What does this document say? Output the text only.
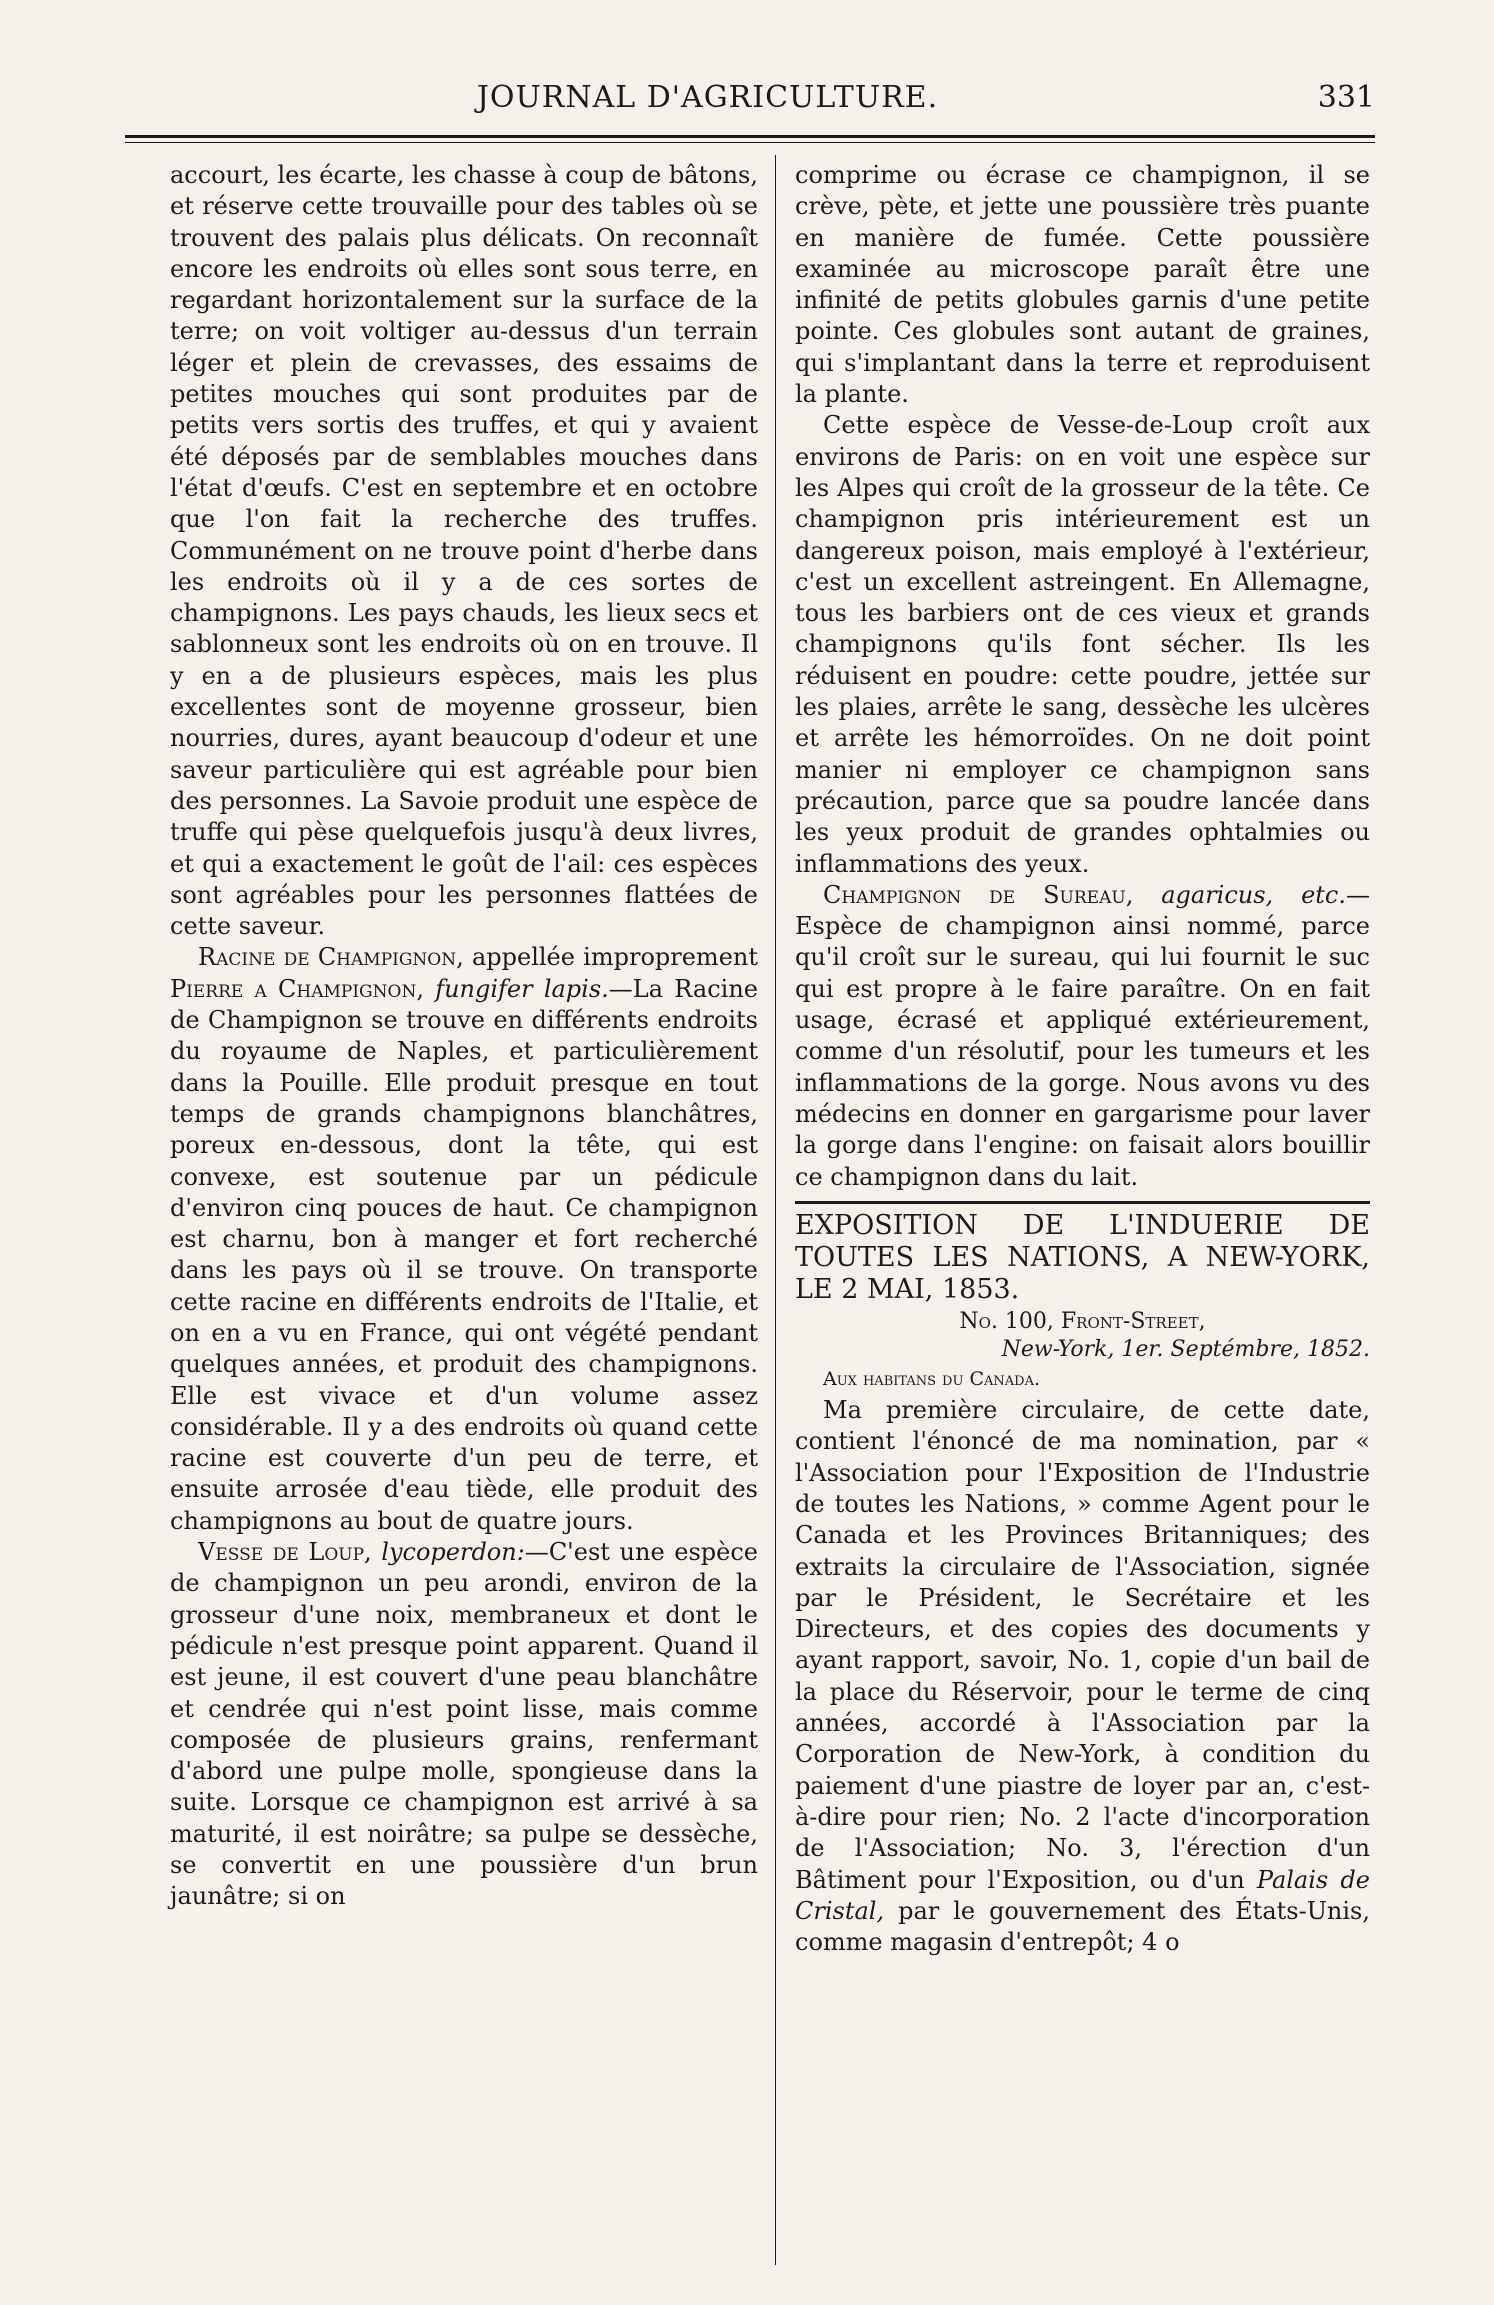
JOURNAL D'AGRICULTURE.	331

accourt, les écarte, les chasse à coup de bâtons, et réserve cette trouvaille pour des tables où se trouvent des palais plus délicats. On reconnaît encore les endroits où elles sont sous terre, en regardant horizontalement sur la surface de la terre; on voit voltiger au-dessus d'un terrain léger et plein de crevasses, des essaims de petites mouches qui sont produites par de petits vers sortis des truffes, et qui y avaient été déposés par de semblables mouches dans l'état d'œufs. C'est en septembre et en octobre que l'on fait la recherche des truffes. Communément on ne trouve point d'herbe dans les endroits où il y a de ces sortes de champignons. Les pays chauds, les lieux secs et sablonneux sont les endroits où on en trouve. Il y en a de plusieurs espèces, mais les plus excellentes sont de moyenne grosseur, bien nourries, dures, ayant beaucoup d'odeur et une saveur particulière qui est agréable pour bien des personnes. La Savoie produit une espèce de truffe qui pèse quelquefois jusqu'à deux livres, et qui a exactement le goût de l'ail: ces espèces sont agréables pour les personnes flattées de cette saveur.

Racine de Champignon, appellée improprement Pierre a Champignon, fungifer lapis.—La Racine de Champignon se trouve en différents endroits du royaume de Naples, et particulièrement dans la Pouille. Elle produit presque en tout temps de grands champignons blanchâtres, poreux en-dessous, dont la tête, qui est convexe, est soutenue par un pédicule d'environ cinq pouces de haut. Ce champignon est charnu, bon à manger et fort recherché dans les pays où il se trouve. On transporte cette racine en différents endroits de l'Italie, et on en a vu en France, qui ont végété pendant quelques années, et produit des champignons. Elle est vivace et d'un volume assez considérable. Il y a des endroits où quand cette racine est couverte d'un peu de terre, et ensuite arrosée d'eau tiède, elle produit des champignons au bout de quatre jours.

Vesse de Loup, lycoperdon:—C'est une espèce de champignon un peu arondi, environ de la grosseur d'une noix, membraneux et dont le pédicule n'est presque point apparent. Quand il est jeune, il est couvert d'une peau blanchâtre et cendrée qui n'est point lisse, mais comme composée de plusieurs grains, renfermant d'abord une pulpe molle, spongieuse dans la suite. Lorsque ce champignon est arrivé à sa maturité, il est noirâtre; sa pulpe se dessèche, se convertit en une poussière d'un brun jaunâtre; si on

comprime ou écrase ce champignon, il se crève, pète, et jette une poussière très puante en manière de fumée. Cette poussière examinée au microscope paraît être une infinité de petits globules garnis d'une petite pointe. Ces globules sont autant de graines, qui s'implantant dans la terre et reproduisent la plante.

Cette espèce de Vesse-de-Loup croît aux environs de Paris: on en voit une espèce sur les Alpes qui croît de la grosseur de la tête. Ce champignon pris intérieurement est un dangereux poison, mais employé à l'extérieur, c'est un excellent astreingent. En Allemagne, tous les barbiers ont de ces vieux et grands champignons qu'ils font sécher. Ils les réduisent en poudre: cette poudre, jettée sur les plaies, arrête le sang, dessèche les ulcères et arrête les hémorroïdes. On ne doit point manier ni employer ce champignon sans précaution, parce que sa poudre lancée dans les yeux produit de grandes ophtalmies ou inflammations des yeux.

Champignon de Sureau, agaricus, etc.—Espèce de champignon ainsi nommé, parce qu'il croît sur le sureau, qui lui fournit le suc qui est propre à le faire paraître. On en fait usage, écrasé et appliqué extérieurement, comme d'un résolutif, pour les tumeurs et les inflammations de la gorge. Nous avons vu des médecins en donner en gargarisme pour laver la gorge dans l'engine: on faisait alors bouillir ce champignon dans du lait.

EXPOSITION DE L'INDUERIE DE TOUTES LES NATIONS, A NEW-YORK, LE 2 MAI, 1853.
No. 100, Front-Street,
New-York, 1er. Septémbre, 1852.
Aux habitans du Canada.

Ma première circulaire, de cette date, contient l'énoncé de ma nomination, par « l'Association pour l'Exposition de l'Industrie de toutes les Nations, » comme Agent pour le Canada et les Provinces Britanniques; des extraits la circulaire de l'Association, signée par le Président, le Secrétaire et les Directeurs, et des copies des documents y ayant rapport, savoir, No. 1, copie d'un bail de la place du Réservoir, pour le terme de cinq années, accordé à l'Association par la Corporation de New-York, à condition du paiement d'une piastre de loyer par an, c'est-à-dire pour rien; No. 2 l'acte d'incorporation de l'Association; No. 3, l'érection d'un Bâtiment pour l'Exposition, ou d'un Palais de Cristal, par le gouvernement des États-Unis, comme magasin d'entrepôt; 4 o
